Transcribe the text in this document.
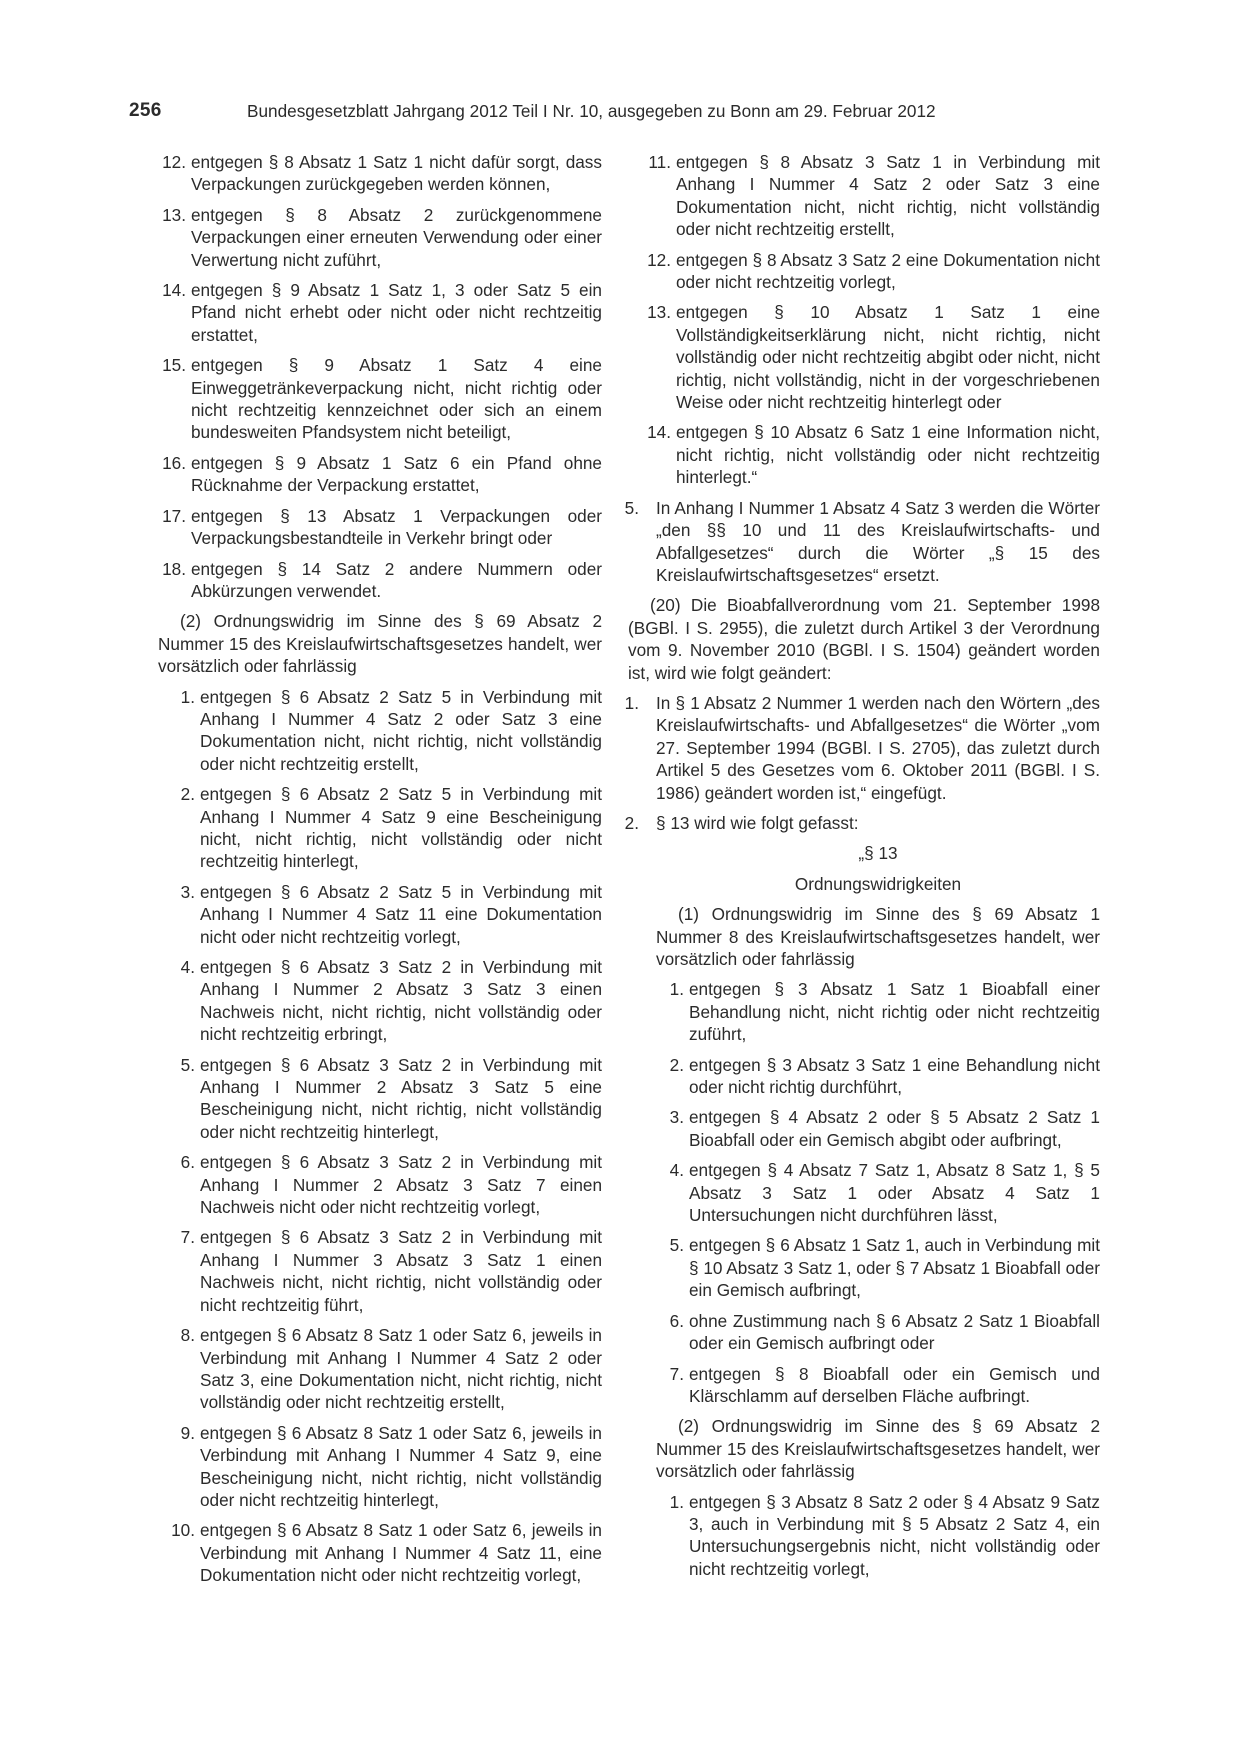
256	Bundesgesetzblatt Jahrgang 2012 Teil I Nr. 10, ausgegeben zu Bonn am 29. Februar 2012
12. entgegen § 8 Absatz 1 Satz 1 nicht dafür sorgt, dass Verpackungen zurückgegeben werden können,
13. entgegen § 8 Absatz 2 zurückgenommene Verpackungen einer erneuten Verwendung oder einer Verwertung nicht zuführt,
14. entgegen § 9 Absatz 1 Satz 1, 3 oder Satz 5 ein Pfand nicht erhebt oder nicht oder nicht rechtzeitig erstattet,
15. entgegen § 9 Absatz 1 Satz 4 eine Einweggetränkeverpackung nicht, nicht richtig oder nicht rechtzeitig kennzeichnet oder sich an einem bundesweiten Pfandsystem nicht beteiligt,
16. entgegen § 9 Absatz 1 Satz 6 ein Pfand ohne Rücknahme der Verpackung erstattet,
17. entgegen § 13 Absatz 1 Verpackungen oder Verpackungsbestandteile in Verkehr bringt oder
18. entgegen § 14 Satz 2 andere Nummern oder Abkürzungen verwendet.

(2) Ordnungswidrig im Sinne des § 69 Absatz 2 Nummer 15 des Kreislaufwirtschaftsgesetzes handelt, wer vorsätzlich oder fahrlässig

1. entgegen § 6 Absatz 2 Satz 5 in Verbindung mit Anhang I Nummer 4 Satz 2 oder Satz 3 eine Dokumentation nicht, nicht richtig, nicht vollständig oder nicht rechtzeitig erstellt,
2. entgegen § 6 Absatz 2 Satz 5 in Verbindung mit Anhang I Nummer 4 Satz 9 eine Bescheinigung nicht, nicht richtig, nicht vollständig oder nicht rechtzeitig hinterlegt,
3. entgegen § 6 Absatz 2 Satz 5 in Verbindung mit Anhang I Nummer 4 Satz 11 eine Dokumentation nicht oder nicht rechtzeitig vorlegt,
4. entgegen § 6 Absatz 3 Satz 2 in Verbindung mit Anhang I Nummer 2 Absatz 3 Satz 3 einen Nachweis nicht, nicht richtig, nicht vollständig oder nicht rechtzeitig erbringt,
5. entgegen § 6 Absatz 3 Satz 2 in Verbindung mit Anhang I Nummer 2 Absatz 3 Satz 5 eine Bescheinigung nicht, nicht richtig, nicht vollständig oder nicht rechtzeitig hinterlegt,
6. entgegen § 6 Absatz 3 Satz 2 in Verbindung mit Anhang I Nummer 2 Absatz 3 Satz 7 einen Nachweis nicht oder nicht rechtzeitig vorlegt,
7. entgegen § 6 Absatz 3 Satz 2 in Verbindung mit Anhang I Nummer 3 Absatz 3 Satz 1 einen Nachweis nicht, nicht richtig, nicht vollständig oder nicht rechtzeitig führt,
8. entgegen § 6 Absatz 8 Satz 1 oder Satz 6, jeweils in Verbindung mit Anhang I Nummer 4 Satz 2 oder Satz 3, eine Dokumentation nicht, nicht richtig, nicht vollständig oder nicht rechtzeitig erstellt,
9. entgegen § 6 Absatz 8 Satz 1 oder Satz 6, jeweils in Verbindung mit Anhang I Nummer 4 Satz 9, eine Bescheinigung nicht, nicht richtig, nicht vollständig oder nicht rechtzeitig hinterlegt,
10. entgegen § 6 Absatz 8 Satz 1 oder Satz 6, jeweils in Verbindung mit Anhang I Nummer 4 Satz 11, eine Dokumentation nicht oder nicht rechtzeitig vorlegt,
11. entgegen § 8 Absatz 3 Satz 1 in Verbindung mit Anhang I Nummer 4 Satz 2 oder Satz 3 eine Dokumentation nicht, nicht richtig, nicht vollständig oder nicht rechtzeitig erstellt,
12. entgegen § 8 Absatz 3 Satz 2 eine Dokumentation nicht oder nicht rechtzeitig vorlegt,
13. entgegen § 10 Absatz 1 Satz 1 eine Vollständigkeitserklärung nicht, nicht richtig, nicht vollständig oder nicht rechtzeitig abgibt oder nicht, nicht richtig, nicht vollständig, nicht in der vorgeschriebenen Weise oder nicht rechtzeitig hinterlegt oder
14. entgegen § 10 Absatz 6 Satz 1 eine Information nicht, nicht richtig, nicht vollständig oder nicht rechtzeitig hinterlegt.“
5. In Anhang I Nummer 1 Absatz 4 Satz 3 werden die Wörter „den §§ 10 und 11 des Kreislaufwirtschafts- und Abfallgesetzes“ durch die Wörter „§ 15 des Kreislaufwirtschaftsgesetzes“ ersetzt.

(20) Die Bioabfallverordnung vom 21. September 1998 (BGBl. I S. 2955), die zuletzt durch Artikel 3 der Verordnung vom 9. November 2010 (BGBl. I S. 1504) geändert worden ist, wird wie folgt geändert:

1. In § 1 Absatz 2 Nummer 1 werden nach den Wörtern „des Kreislaufwirtschafts- und Abfallgesetzes“ die Wörter „vom 27. September 1994 (BGBl. I S. 2705), das zuletzt durch Artikel 5 des Gesetzes vom 6. Oktober 2011 (BGBl. I S. 1986) geändert worden ist,“ eingefügt.
2. § 13 wird wie folgt gefasst:
„§ 13
Ordnungswidrigkeiten

(1) Ordnungswidrig im Sinne des § 69 Absatz 1 Nummer 8 des Kreislaufwirtschaftsgesetzes handelt, wer vorsätzlich oder fahrlässig

1. entgegen § 3 Absatz 1 Satz 1 Bioabfall einer Behandlung nicht, nicht richtig oder nicht rechtzeitig zuführt,
2. entgegen § 3 Absatz 3 Satz 1 eine Behandlung nicht oder nicht richtig durchführt,
3. entgegen § 4 Absatz 2 oder § 5 Absatz 2 Satz 1 Bioabfall oder ein Gemisch abgibt oder aufbringt,
4. entgegen § 4 Absatz 7 Satz 1, Absatz 8 Satz 1, § 5 Absatz 3 Satz 1 oder Absatz 4 Satz 1 Untersuchungen nicht durchführen lässt,
5. entgegen § 6 Absatz 1 Satz 1, auch in Verbindung mit § 10 Absatz 3 Satz 1, oder § 7 Absatz 1 Bioabfall oder ein Gemisch aufbringt,
6. ohne Zustimmung nach § 6 Absatz 2 Satz 1 Bioabfall oder ein Gemisch aufbringt oder
7. entgegen § 8 Bioabfall oder ein Gemisch und Klärschlamm auf derselben Fläche aufbringt.

(2) Ordnungswidrig im Sinne des § 69 Absatz 2 Nummer 15 des Kreislaufwirtschaftsgesetzes handelt, wer vorsätzlich oder fahrlässig

1. entgegen § 3 Absatz 8 Satz 2 oder § 4 Absatz 9 Satz 3, auch in Verbindung mit § 5 Absatz 2 Satz 4, ein Untersuchungsergebnis nicht, nicht vollständig oder nicht rechtzeitig vorlegt,
